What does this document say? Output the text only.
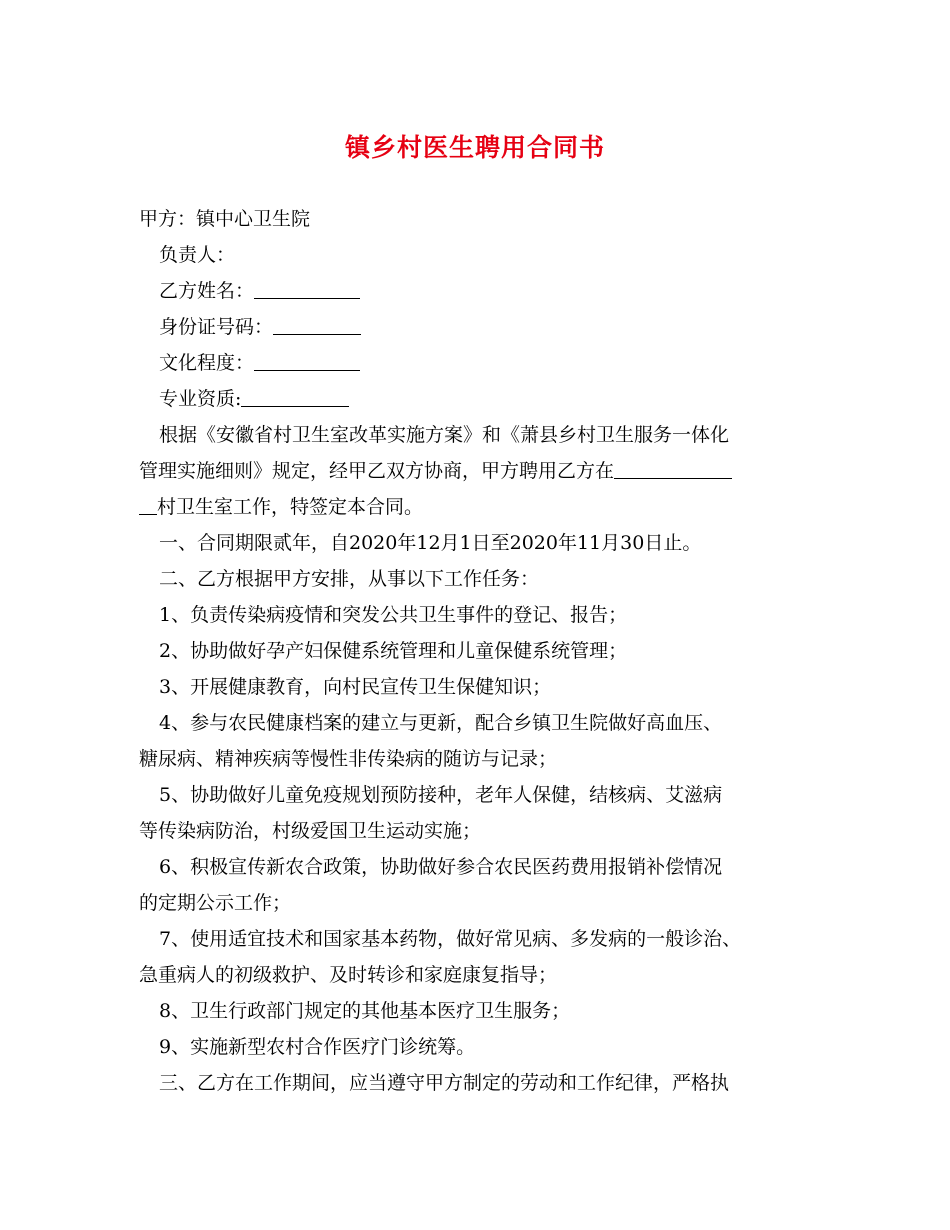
镇乡村医生聘用合同书
甲方：镇中心卫生院
负责人：
乙方姓名：
身份证号码：
文化程度：
专业资质:
根据《安徽省村卫生室改革实施方案》和《萧县乡村卫生服务一体化
管理实施细则》规定，经甲乙双方协商，甲方聘用乙方在
村卫生室工作，特签定本合同。
一、合同期限贰年，自2020年12月1日至2020年11月30日止。
二、乙方根据甲方安排，从事以下工作任务：
1、负责传染病疫情和突发公共卫生事件的登记、报告；
2、协助做好孕产妇保健系统管理和儿童保健系统管理；
3、开展健康教育，向村民宣传卫生保健知识；
4、参与农民健康档案的建立与更新，配合乡镇卫生院做好高血压、
糖尿病、精神疾病等慢性非传染病的随访与记录；
5、协助做好儿童免疫规划预防接种，老年人保健，结核病、艾滋病
等传染病防治，村级爱国卫生运动实施；
6、积极宣传新农合政策，协助做好参合农民医药费用报销补偿情况
的定期公示工作；
7、使用适宜技术和国家基本药物，做好常见病、多发病的一般诊治、
急重病人的初级救护、及时转诊和家庭康复指导；
8、卫生行政部门规定的其他基本医疗卫生服务；
9、实施新型农村合作医疗门诊统筹。
三、乙方在工作期间，应当遵守甲方制定的劳动和工作纪律，严格执
